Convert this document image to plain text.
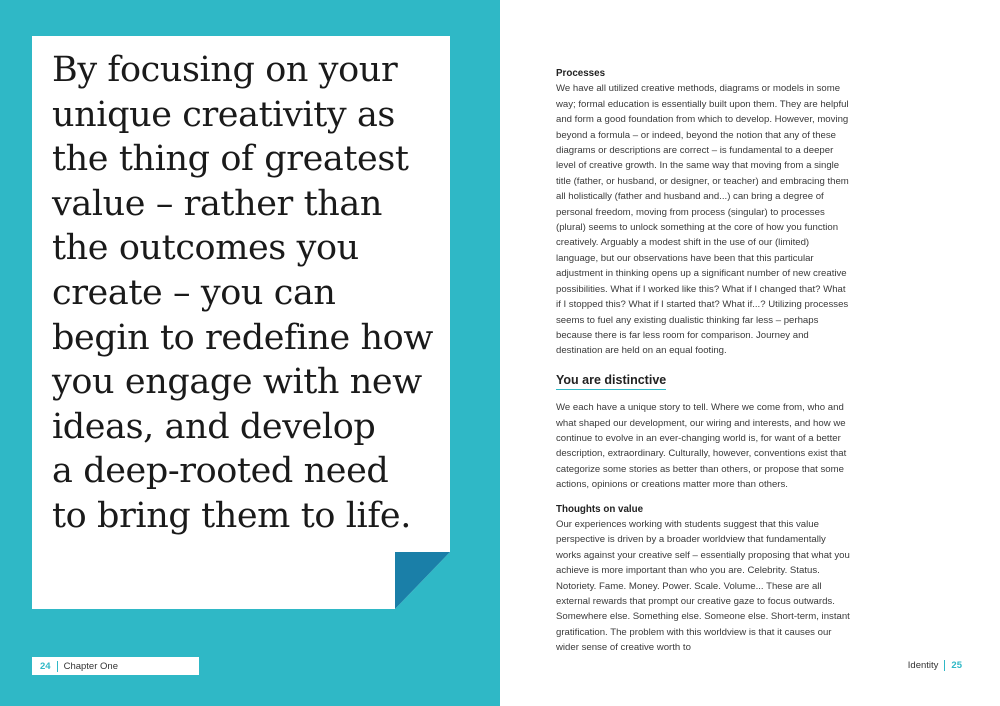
By focusing on your
unique creativity as
the thing of greatest
value – rather than
the outcomes you
create – you can
begin to redefine how
you engage with new
ideas, and develop
a deep-rooted need
to bring them to life.

24 Chapter One
Processes

We have all utilized creative methods, diagrams or models in some way; formal education is essentially built upon them. They are helpful and form a good foundation from which to develop. However, moving beyond a formula – or indeed, beyond the notion that any of these diagrams or descriptions are correct – is fundamental to a deeper level of creative growth. In the same way that moving from a single title (father, or husband, or designer, or teacher) and embracing them all holistically (father and husband and...) can bring a degree of personal freedom, moving from process (singular) to processes (plural) seems to unlock something at the core of how you function creatively. Arguably a modest shift in the use of our (limited) language, but our observations have been that this particular adjustment in thinking opens up a significant number of new creative possibilities. What if I worked like this? What if I changed that? What if I stopped this? What if I started that? What if...? Utilizing processes seems to fuel any existing dualistic thinking far less – perhaps because there is far less room for comparison. Journey and destination are held on an equal footing.

You are distinctive

We each have a unique story to tell. Where we come from, who and what shaped our development, our wiring and interests, and how we continue to evolve in an ever-changing world is, for want of a better description, extraordinary. Culturally, however, conventions exist that categorize some stories as better than others, or propose that some actions, opinions or creations matter more than others.

Thoughts on value

Our experiences working with students suggest that this value perspective is driven by a broader worldview that fundamentally works against your creative self – essentially proposing that what you achieve is more important than who you are. Celebrity. Status. Notoriety. Fame. Money. Power. Scale. Volume... These are all external rewards that prompt our creative gaze to focus outwards. Somewhere else. Something else. Someone else. Short-term, instant gratification. The problem with this worldview is that it causes our wider sense of creative worth to

Identity 25
